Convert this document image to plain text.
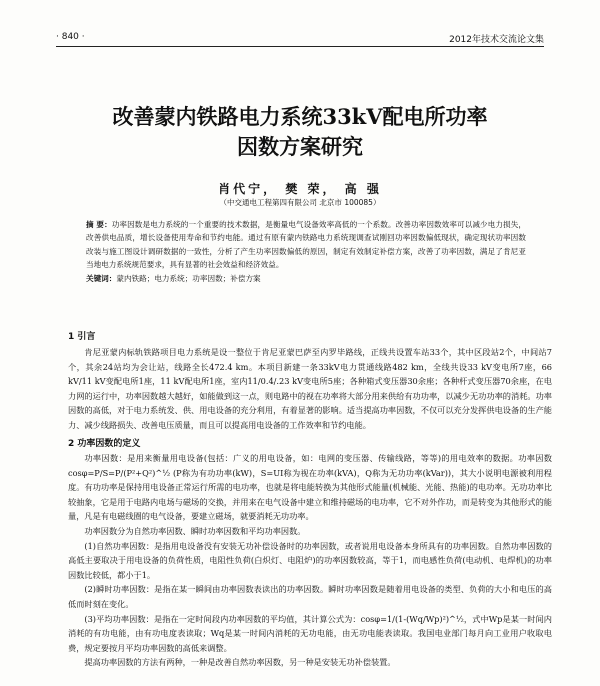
· 840 ·	2012年技术交流论文集
改善蒙内铁路电力系统33kV配电所功率
因数方案研究
肖代宁， 樊 荣， 高 强
（中交通电工程第四有限公司 北京市 100085）

摘 要：功率因数是电力系统的一个重要的技术数据，是衡量电气设备效率高低的一个系数。改善功率因数效率可以减少电力损失，改善供电品质，增长设备使用寿命和节约电能。通过有原有蒙内铁路电力系统现调查试刚回功率因数偏低现状，确定现状功率因数改装与施工图设计调研数据的一致性，分析了产生功率因数偏低的原因，制定有效制定补偿方案，改善了功率因数，满足了肯尼亚当地电力系统规范要求，具有显著的社会效益和经济效益。

关键词：蒙内铁路；电力系统；功率因数；补偿方案

1 引言

肯尼亚蒙内标轨铁路项目电力系统是设一整位于肯尼亚蒙巴萨至内罗毕路线，正线共设置车站33个，其中区段站2个，中间站7个，其余24站均为会让站，线路全长472.4 km。本项目新建一条33kV电力贯通线路482 km，全线共设33 kV变电所7座，66 kV/11 kV变配电所1座，11 kV配电所1座，室内11/0.4/.23 kV变电所5座；各种箱式变压器30余座；各种杆式变压器70余座，在电力网的运行中，功率因数越大越好，如能做到这一点，则电路中的视在功率将大部分用来供给有功功率，以减少无功功率的消耗。功率因数的高低，对于电力系统发、供、用电设备的充分利用，有着显著的影响。适当提高功率因数，不仅可以充分发挥供电设备的生产能力、减少线路损失、改善电压质量，而且可以提高用电设备的工作效率和节约电能。

2 功率因数的定义

功率因数：是用来衡量用电设备(包括：广义的用电设备，如：电网的变压器、传输线路，等等)的用电效率的数据。功率因数cosφ=P/S=P/(P²+Q²)^½ (P称为有功功率(kW)，S=UI称为视在功率(kVA)，Q称为无功功率(kVar))，其大小说明电源被利用程度。有功功率是保持用电设备正常运行所需的电功率，也就是将电能转换为其他形式能量(机械能、光能、热能)的电功率。无功功率比较抽象，它是用于电路内电场与磁场的交换，并用来在电气设备中建立和维持磁场的电功率，它不对外作功，而是转变为其他形式的能量，凡是有电磁线圈的电气设备，要建立磁场，就要消耗无功功率。

功率因数分为自然功率因数、瞬时功率因数和平均功率因数。

(1)自然功率因数：是指用电设备没有安装无功补偿设备时的功率因数，或者说用电设备本身所具有的功率因数。自然功率因数的高低主要取决于用电设备的负荷性质，电阻性负荷(白炽灯、电阻炉)的功率因数较高，等于1，而电感性负荷(电动机、电焊机)的功率因数比较低，都小于1。

(2)瞬时功率因数：是指在某一瞬间由功率因数表读出的功率因数。瞬时功率因数是随着用电设备的类型、负荷的大小和电压的高低而时刻在变化。

(3)平均功率因数：是指在一定时间段内功率因数的平均值，其计算公式为：cosφ=1/(1-(Wq/Wp)²)^½，式中Wp是某一时间内消耗的有功电能，由有功电度表读取；Wq是某一时间内消耗的无功电能，由无功电能表读取。我国电业部门每月向工业用户收取电费，规定要按月平均功率因数的高低来调整。

提高功率因数的方法有两种，一种是改善自然功率因数，另一种是安装无功补偿装置。
